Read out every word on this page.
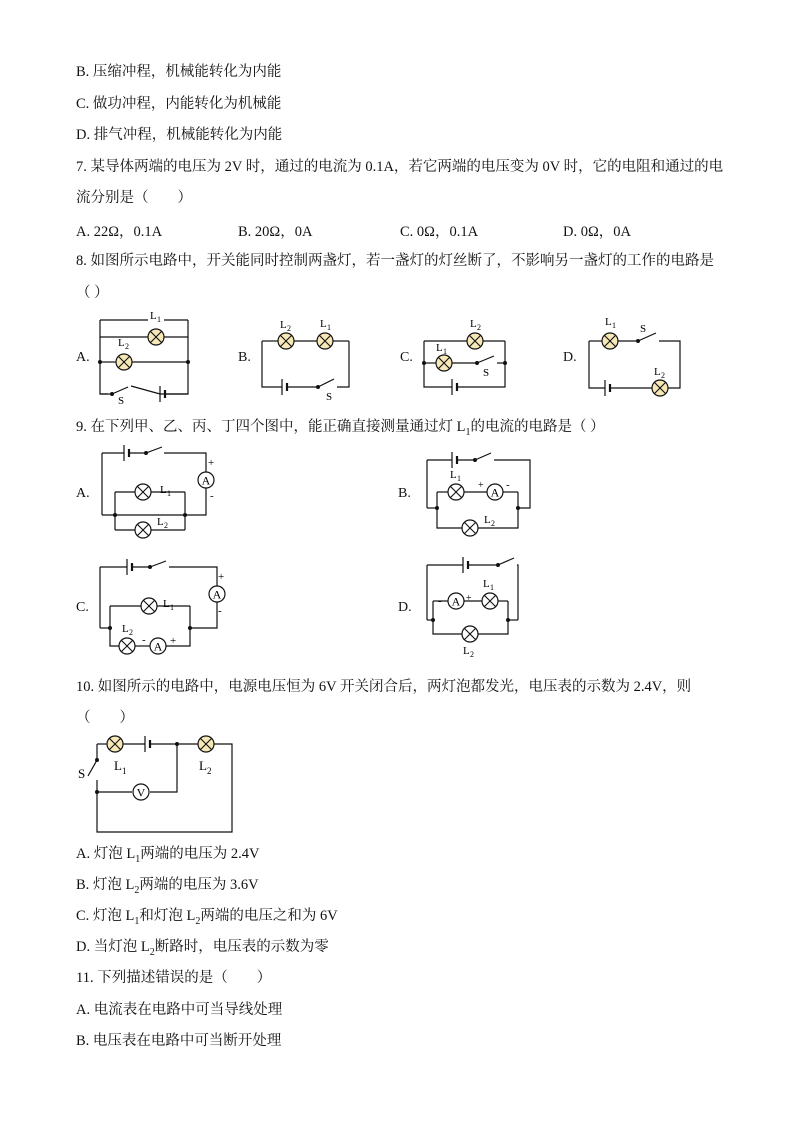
B. 压缩冲程，机械能转化为内能
C. 做功冲程，内能转化为机械能
D. 排气冲程，机械能转化为内能
7. 某导体两端的电压为 2V 时，通过的电流为 0.1A，若它两端的电压变为 0V 时，它的电阻和通过的电
流分别是（　　）
A. 22Ω，0.1A	B. 20Ω，0A	C. 0Ω，0.1A	D. 0Ω，0A
8. 如图所示电路中，开关能同时控制两盏灯，若一盏灯的灯丝断了，不影响另一盏灯的工作的电路是
（ ）
A.	B.	C.	D.
9. 在下列甲、乙、丙、丁四个图中，能正确直接测量通过灯 $L_1$的电流的电路是（ ）
A.	B.
C.	D.
10. 如图所示的电路中，电源电压恒为 6V 开关闭合后，两灯泡都发光，电压表的示数为 2.4V，则
（　　）
A. 灯泡 $L_1$两端的电压为 2.4V
B. 灯泡 $L_2$两端的电压为 3.6V
C. 灯泡 $L_1$和灯泡 $L_2$两端的电压之和为 6V
D. 当灯泡 $L_2$断路时，电压表的示数为零
11. 下列描述错误的是（　　）
A. 电流表在电路中可当导线处理
B. 电压表在电路中可当断开处理
L 1
L 2
S
L 2	L 1
S
L 2
L 1
S
L 1 S
L 2
A
L 1
L 2
+
-	A
L 1
+ -
L 2
A
A
L 1
L 2
- +
+
-
A
L 1
- +
L 2
V
S
L 1	L 2
